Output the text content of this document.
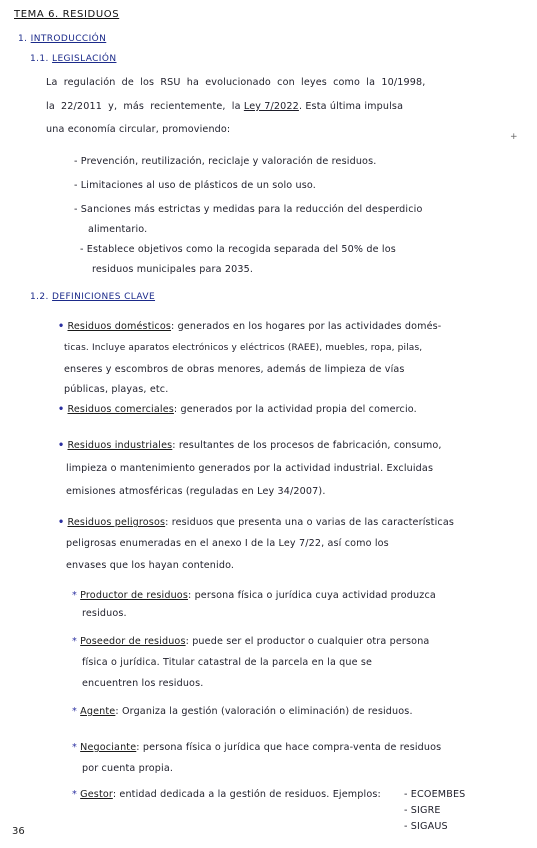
TEMA 6. RESIDUOS
1. INTRODUCCIÓN
1.1. LEGISLACIÓN
La regulación de los RSU ha evolucionado con leyes como la 10/1998,
la 22/2011 y, más recientemente, la Ley 7/2022. Esta última impulsa
una economía circular, promoviendo:
+
- Prevención, reutilización, reciclaje y valoración de residuos.
- Limitaciones al uso de plásticos de un solo uso.
- Sanciones más estrictas y medidas para la reducción del desperdicio
alimentario.
- Establece objetivos como la recogida separada del 50% de los
residuos municipales para 2035.
1.2. DEFINICIONES CLAVE
• Residuos domésticos: generados en los hogares por las actividades domés-
ticas. Incluye aparatos electrónicos y eléctricos (RAEE), muebles, ropa, pilas,
enseres y escombros de obras menores, además de limpieza de vías
públicas, playas, etc.
• Residuos comerciales: generados por la actividad propia del comercio.
• Residuos industriales: resultantes de los procesos de fabricación, consumo,
limpieza o mantenimiento generados por la actividad industrial. Excluidas
emisiones atmosféricas (reguladas en Ley 34/2007).
• Residuos peligrosos: residuos que presenta una o varias de las características
peligrosas enumeradas en el anexo I de la Ley 7/22, así como los
envases que los hayan contenido.
* Productor de residuos: persona física o jurídica cuya actividad produzca
residuos.
* Poseedor de residuos: puede ser el productor o cualquier otra persona
física o jurídica. Titular catastral de la parcela en la que se
encuentren los residuos.
* Agente: Organiza la gestión (valoración o eliminación) de residuos.
* Negociante: persona física o jurídica que hace compra-venta de residuos
por cuenta propia.
* Gestor: entidad dedicada a la gestión de residuos. Ejemplos: - ECOEMBES
- SIGRE
- SIGAUS
36
